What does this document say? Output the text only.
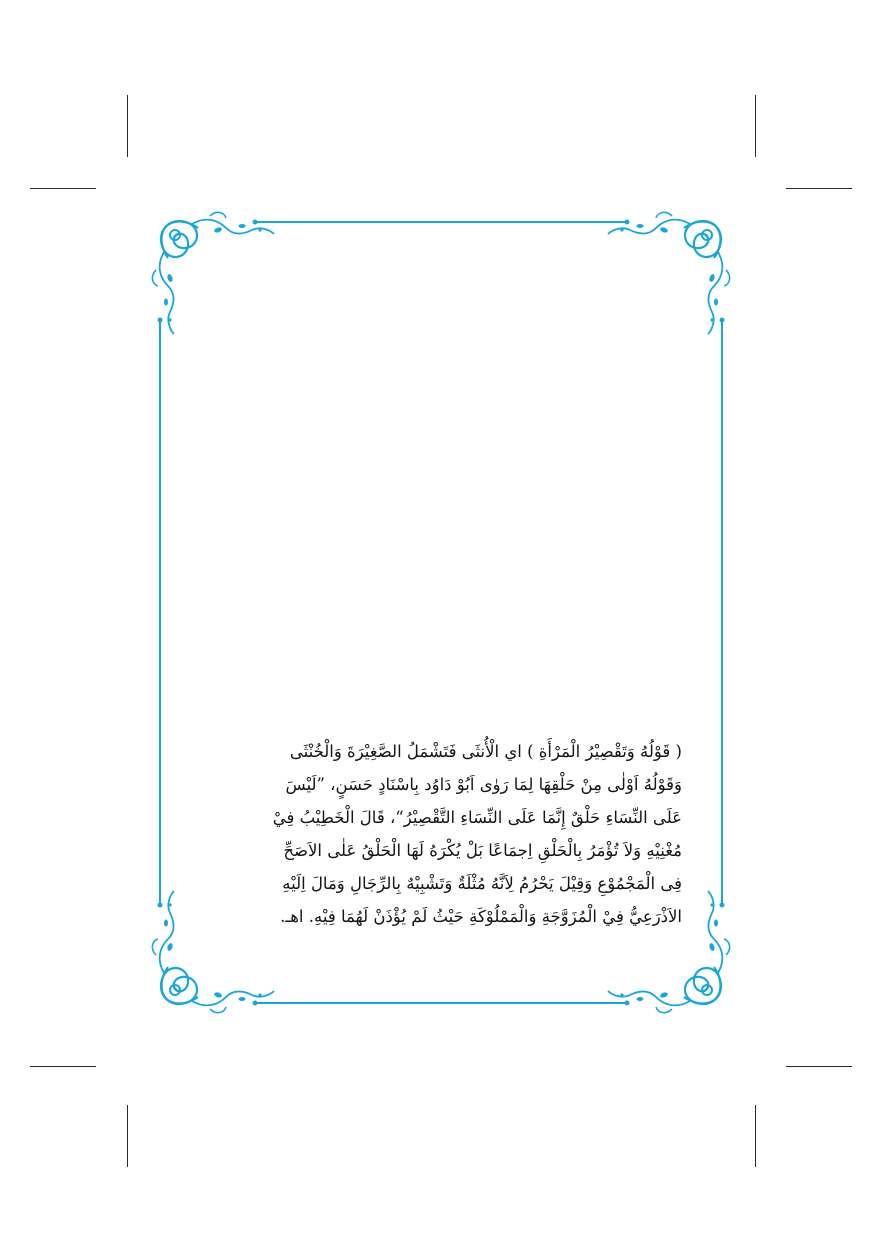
( قَوْلُهُ وَتَقْصِيْرُ الْمَرْأَةِ ) اي الْأُنثَى فَتَشْمَلُ الصَّغِيْرَةَ وَالْخُنْثَى
وَقَوْلُهُ اَوْلٰى مِنْ حَلْقِهَا لِمَا رَوٰى اَبُوْ دَاوُد بِاسْنَادٍ حَسَنٍ، ”لَيْسَ
عَلَى النِّسَاءِ حَلْقٌ إِنَّمَا عَلَى النِّسَاءِ التَّقْصِيْرُ“، قَالَ الْخَطِيْبُ فِيْ
مُغْنِيْهِ وَلاَ تُؤْمَرُ بِالْحَلْقِ اِجمَاعًا بَلْ يُكْرَهُ لَهَا الْحَلْقُ عَلٰى الاَصَحِّ
فِى الْمَجْمُوْعِ وَقِيْلَ يَحْرُمُ لِاَنَّهُ مُثْلَةٌ وَتَشْبِيْهٌ بِالرِّجَالِ وَمَالَ اِلَيْهِ
الاَذْرَعِيُّ فِيْ الْمُزَوَّجَةِ وَالْمَمْلُوْكَةِ حَيْثُ لَمْ يُؤْذَنْ لَهُمَا فِيْهِ. اهـ.
